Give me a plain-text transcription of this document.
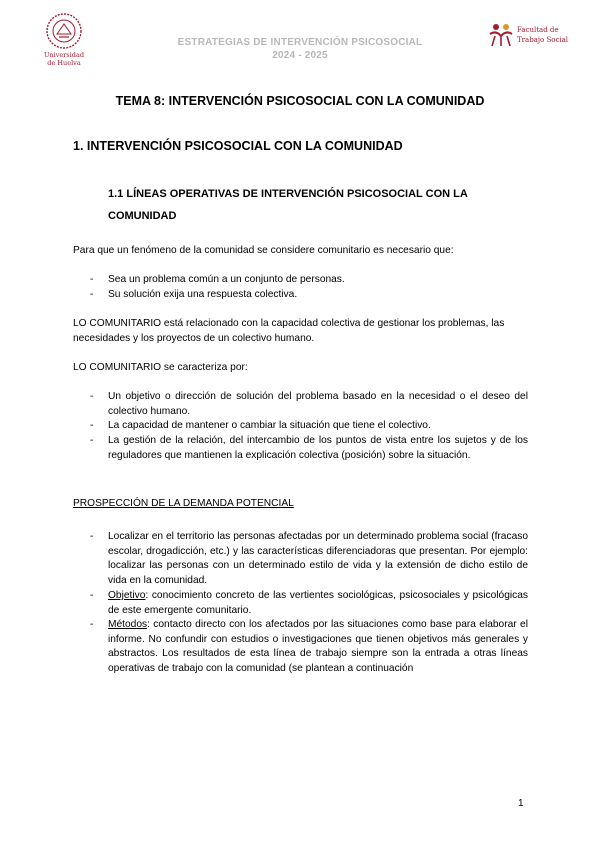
Universidad
de Huelva
ESTRATEGIAS DE INTERVENCIÓN PSICOSOCIAL
2024 - 2025
Facultad de
Trabajo Social
TEMA 8: INTERVENCIÓN PSICOSOCIAL CON LA COMUNIDAD
1. INTERVENCIÓN PSICOSOCIAL CON LA COMUNIDAD
1.1 LÍNEAS OPERATIVAS DE INTERVENCIÓN PSICOSOCIAL CON LA COMUNIDAD
Para que un fenómeno de la comunidad se considere comunitario es necesario que:
- Sea un problema común a un conjunto de personas.
- Su solución exija una respuesta colectiva.
LO COMUNITARIO está relacionado con la capacidad colectiva de gestionar los problemas, las necesidades y los proyectos de un colectivo humano.
LO COMUNITARIO se caracteriza por:
- Un objetivo o dirección de solución del problema basado en la necesidad o el deseo del colectivo humano.
- La capacidad de mantener o cambiar la situación que tiene el colectivo.
- La gestión de la relación, del intercambio de los puntos de vista entre los sujetos y de los reguladores que mantienen la explicación colectiva (posición) sobre la situación.
PROSPECCIÓN DE LA DEMANDA POTENCIAL
- Localizar en el territorio las personas afectadas por un determinado problema social (fracaso escolar, drogadicción, etc.) y las características diferenciadoras que presentan. Por ejemplo: localizar las personas con un determinado estilo de vida y la extensión de dicho estilo de vida en la comunidad.
- Objetivo: conocimiento concreto de las vertientes sociológicas, psicosociales y psicológicas de este emergente comunitario.
- Métodos: contacto directo con los afectados por las situaciones como base para elaborar el informe. No confundir con estudios o investigaciones que tienen objetivos más generales y abstractos. Los resultados de esta línea de trabajo siempre son la entrada a otras líneas operativas de trabajo con la comunidad (se plantean a continuación
1
